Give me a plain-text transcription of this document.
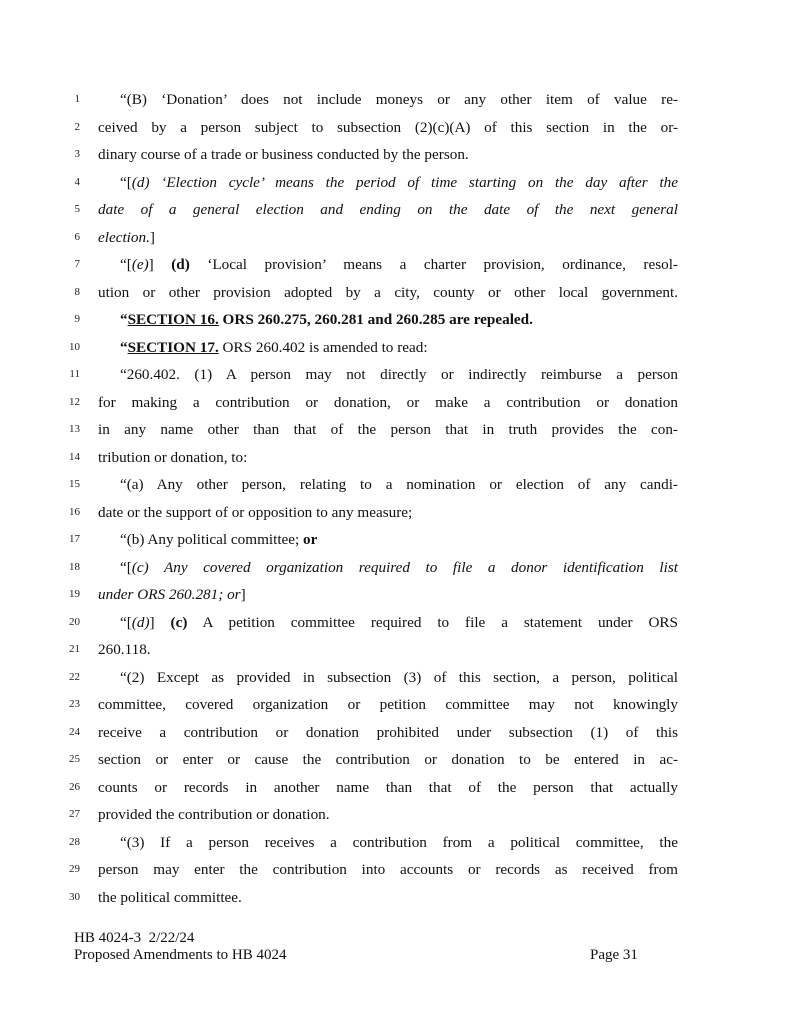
1	“(B) ‘Donation’ does not include moneys or any other item of value re-
2 ceived by a person subject to subsection (2)(c)(A) of this section in the or-
3 dinary course of a trade or business conducted by the person.
4	“[(d) ‘Election cycle’ means the period of time starting on the day after the
5 date of a general election and ending on the date of the next general
6 election.]
7	“[(e)] (d) ‘Local provision’ means a charter provision, ordinance, resol-
8 ution or other provision adopted by a city, county or other local government.
9	“SECTION 16. ORS 260.275, 260.281 and 260.285 are repealed.
10	“SECTION 17. ORS 260.402 is amended to read:
11	“260.402. (1) A person may not directly or indirectly reimburse a person
12 for making a contribution or donation, or make a contribution or donation
13 in any name other than that of the person that in truth provides the con-
14 tribution or donation, to:
15	“(a) Any other person, relating to a nomination or election of any candi-
16 date or the support of or opposition to any measure;
17	“(b) Any political committee; or
18	“[(c) Any covered organization required to file a donor identification list
19 under ORS 260.281; or]
20	“[(d)] (c) A petition committee required to file a statement under ORS
21 260.118.
22	“(2) Except as provided in subsection (3) of this section, a person, political
23 committee, covered organization or petition committee may not knowingly
24 receive a contribution or donation prohibited under subsection (1) of this
25 section or enter or cause the contribution or donation to be entered in ac-
26 counts or records in another name than that of the person that actually
27 provided the contribution or donation.
28	“(3) If a person receives a contribution from a political committee, the
29 person may enter the contribution into accounts or records as received from
30 the political committee.
HB 4024-3  2/22/24
Proposed Amendments to HB 4024	Page 31
